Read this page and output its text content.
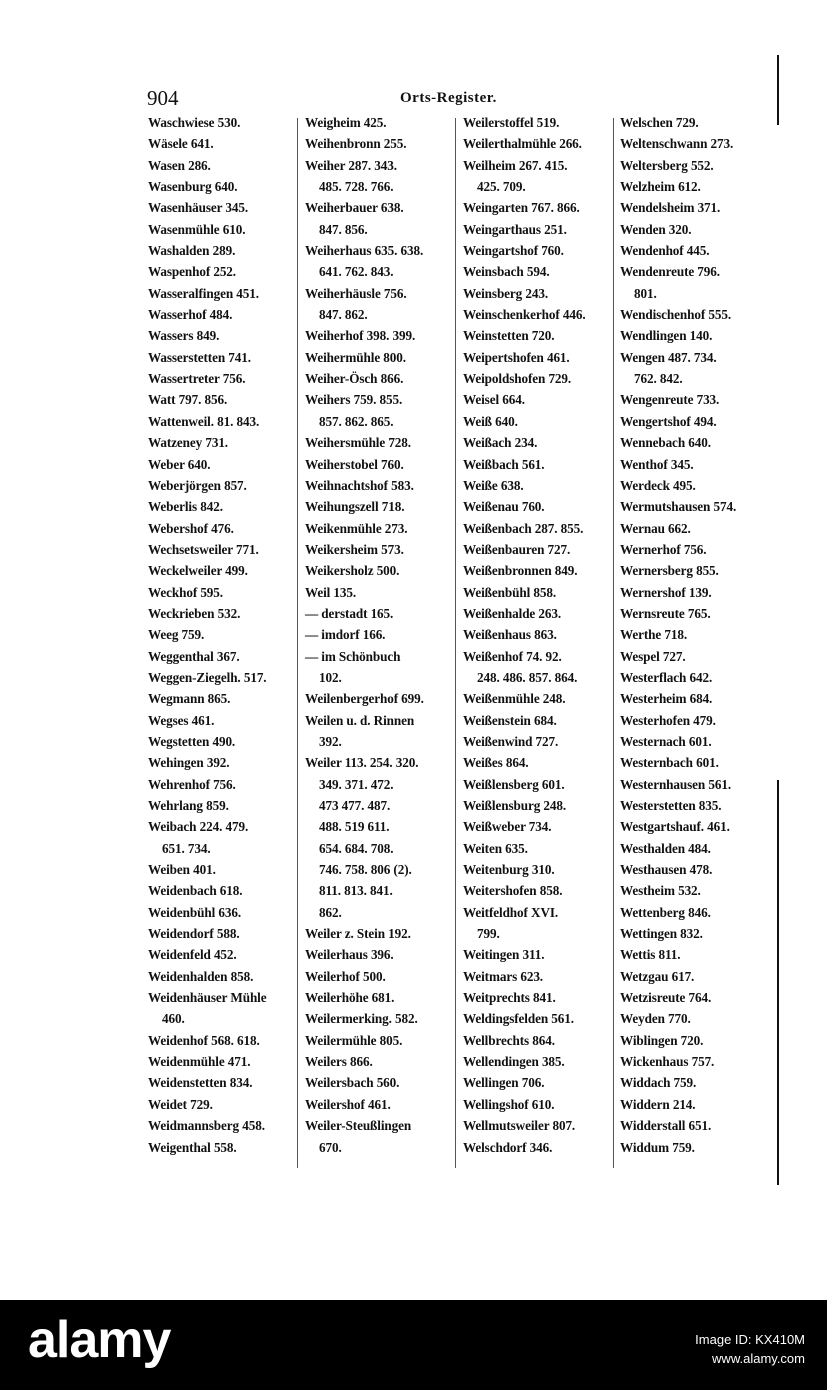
904	Orts-Register.
Waschwiese 530.
Wäsele 641.
Wasen 286.
Wasenburg 640.
Wasenhäuser 345.
Wasenmühle 610.
Washalden 289.
Waspenhof 252.
Wasseralfingen 451.
Wasserhof 484.
Wassers 849.
Wasserstetten 741.
Wassertreter 756.
Watt 797. 856.
Wattenweil. 81. 843.
Watzeney 731.
Weber 640.
Weberjörgen 857.
Weberlis 842.
Webershof 476.
Wechsetsweiler 771.
Weckelweiler 499.
Weckhof 595.
Weckrieben 532.
Weeg 759.
Weggenthal 367.
Weggen-Ziegelh. 517.
Wegmann 865.
Wegses 461.
Wegstetten 490.
Wehingen 392.
Wehrenhof 756.
Wehrlang 859.
Weibach 224. 479.
651. 734.
Weiben 401.
Weidenbach 618.
Weidenbühl 636.
Weidendorf 588.
Weidenfeld 452.
Weidenhalden 858.
Weidenhäuser Mühle
460.
Weidenhof 568. 618.
Weidenmühle 471.
Weidenstetten 834.
Weidet 729.
Weidmannsberg 458.
Weigenthal 558.
Weigheim 425.
Weihenbronn 255.
Weiher 287. 343.
485. 728. 766.
Weiherbauer 638.
847. 856.
Weiherhaus 635. 638.
641. 762. 843.
Weiherhäusle 756.
847. 862.
Weiherhof 398. 399.
Weihermühle 800.
Weiher-Ösch 866.
Weihers 759. 855.
857. 862. 865.
Weihersmühle 728.
Weiherstobel 760.
Weihnachtshof 583.
Weihungszell 718.
Weikenmühle 273.
Weikersheim 573.
Weikersholz 500.
Weil 135.
— derstadt 165.
— imdorf 166.
— im Schönbuch
102.
Weilenbergerhof 699.
Weilen u. d. Rinnen
392.
Weiler 113. 254. 320.
349. 371. 472.
473 477. 487.
488. 519 611.
654. 684. 708.
746. 758. 806 (2).
811. 813. 841.
862.
Weiler z. Stein 192.
Weilerhaus 396.
Weilerhof 500.
Weilerhöhe 681.
Weilermerking. 582.
Weilermühle 805.
Weilers 866.
Weilersbach 560.
Weilershof 461.
Weiler-Steußlingen
670.
Weilerstoffel 519.
Weilerthalmühle 266.
Weilheim 267. 415.
425. 709.
Weingarten 767. 866.
Weingarthaus 251.
Weingartshof 760.
Weinsbach 594.
Weinsberg 243.
Weinschenkerhof 446.
Weinstetten 720.
Weipertshofen 461.
Weipoldshofen 729.
Weisel 664.
Weiß 640.
Weißach 234.
Weißbach 561.
Weiße 638.
Weißenau 760.
Weißenbach 287. 855.
Weißenbauren 727.
Weißenbronnen 849.
Weißenbühl 858.
Weißenhalde 263.
Weißenhaus 863.
Weißenhof 74. 92.
248. 486. 857. 864.
Weißenmühle 248.
Weißenstein 684.
Weißenwind 727.
Weißes 864.
Weißlensberg 601.
Weißlensburg 248.
Weißweber 734.
Weiten 635.
Weitenburg 310.
Weitershofen 858.
Weitfeldhof XVI.
799.
Weitingen 311.
Weitmars 623.
Weitprechts 841.
Weldingsfelden 561.
Wellbrechts 864.
Wellendingen 385.
Wellingen 706.
Wellingshof 610.
Wellmutsweiler 807.
Welschdorf 346.
Welschen 729.
Weltenschwann 273.
Weltersberg 552.
Welzheim 612.
Wendelsheim 371.
Wenden 320.
Wendenhof 445.
Wendenreute 796.
801.
Wendischenhof 555.
Wendlingen 140.
Wengen 487. 734.
762. 842.
Wengenreute 733.
Wengertshof 494.
Wennebach 640.
Wenthof 345.
Werdeck 495.
Wermutshausen 574.
Wernau 662.
Wernerhof 756.
Wernersberg 855.
Wernershof 139.
Wernsreute 765.
Werthe 718.
Wespel 727.
Westerflach 642.
Westerheim 684.
Westerhofen 479.
Westernach 601.
Westernbach 601.
Westernhausen 561.
Westerstetten 835.
Westgartshauf. 461.
Westhalden 484.
Westhausen 478.
Westheim 532.
Wettenberg 846.
Wettingen 832.
Wettis 811.
Wetzgau 617.
Wetzisreute 764.
Weyden 770.
Wiblingen 720.
Wickenhaus 757.
Widdach 759.
Widdern 214.
Widderstall 651.
Widdum 759.
alamy	Image ID: KX410M
www.alamy.com
